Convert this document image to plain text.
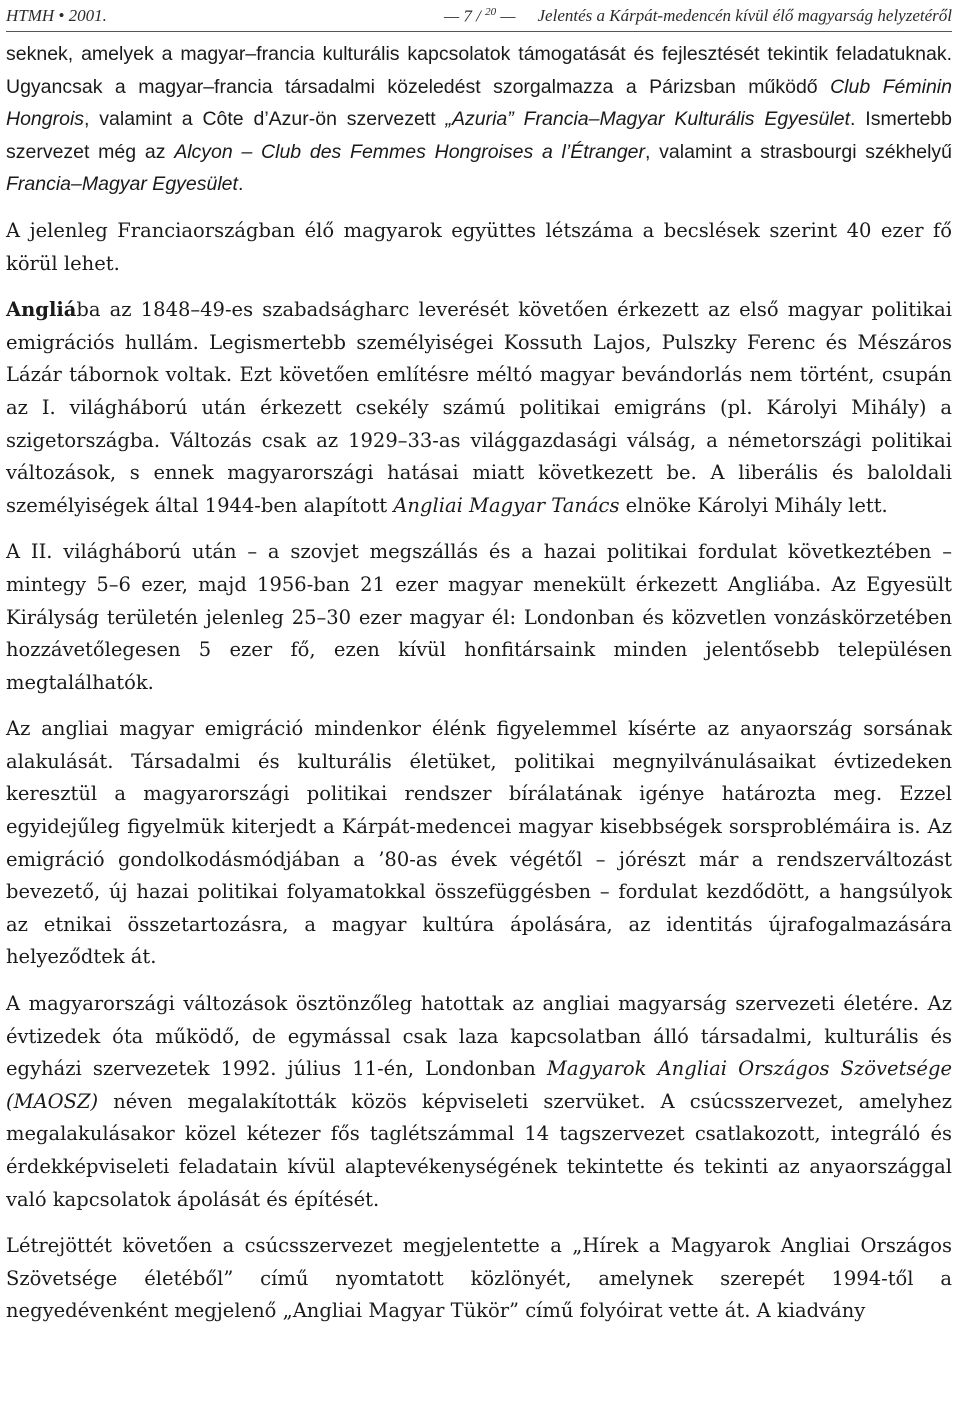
HTMH • 2001.	— 7 / $^{20}$ — Jelentés a Kárpát-medencén kívül élő magyarság helyzetéről

seknek, amelyek a magyar–francia kulturális kapcsolatok támogatását és fejlesztését tekintik feladatuknak. Ugyancsak a magyar–francia társadalmi közeledést szorgalmazza a Párizsban működő Club Féminin Hongrois, valamint a Côte d’Azur-ön szervezett „Azuria” Francia–Magyar Kulturális Egyesület. Ismertebb szervezet még az Alcyon – Club des Femmes Hongroises a l’Étranger, valamint a strasbourgi székhelyű Francia–Magyar Egyesület.

A jelenleg Franciaországban élő magyarok együttes létszáma a becslések szerint 40 ezer fő körül lehet.

Angliába az 1848–49-es szabadságharc leverését követően érkezett az első magyar politikai emigrációs hullám. Legismertebb személyiségei Kossuth Lajos, Pulszky Ferenc és Mészáros Lázár tábornok voltak. Ezt követően említésre méltó magyar bevándorlás nem történt, csupán az I. világháború után érkezett csekély számú politikai emigráns (pl. Károlyi Mihály) a szigetországba. Változás csak az 1929–33-as világgazdasági válság, a németországi politikai változások, s ennek magyarországi hatásai miatt következett be. A liberális és baloldali személyiségek által 1944-ben alapított Angliai Magyar Tanács elnöke Károlyi Mihály lett.

A II. világháború után – a szovjet megszállás és a hazai politikai fordulat következtében – mintegy 5–6 ezer, majd 1956-ban 21 ezer magyar menekült érkezett Angliába. Az Egyesült Királyság területén jelenleg 25–30 ezer magyar él: Londonban és közvetlen vonzáskörzetében hozzávetőlegesen 5 ezer fő, ezen kívül honfitársaink minden jelentősebb településen megtalálhatók.

Az angliai magyar emigráció mindenkor élénk figyelemmel kísérte az anyaország sorsának alakulását. Társadalmi és kulturális életüket, politikai megnyilvánulásaikat évtizedeken keresztül a magyarországi politikai rendszer bírálatának igénye határozta meg. Ezzel egyidejűleg figyelmük kiterjedt a Kárpát-medencei magyar kisebbségek sorsproblémáira is. Az emigráció gondolkodásmódjában a ’80-as évek végétől – jórészt már a rendszerváltozást bevezető, új hazai politikai folyamatokkal összefüggésben – fordulat kezdődött, a hangsúlyok az etnikai összetartozásra, a magyar kultúra ápolására, az identitás újrafogalmazására helyeződtek át.

A magyarországi változások ösztönzőleg hatottak az angliai magyarság szervezeti életére. Az évtizedek óta működő, de egymással csak laza kapcsolatban álló társadalmi, kulturális és egyházi szervezetek 1992. július 11-én, Londonban Magyarok Angliai Országos Szövetsége (MAOSZ) néven megalakították közös képviseleti szervüket. A csúcsszervezet, amelyhez megalakulásakor közel kétezer fős taglétszámmal 14 tagszervezet csatlakozott, integráló és érdekképviseleti feladatain kívül alaptevékenységének tekintette és tekinti az anyaországgal való kapcsolatok ápolását és építését.

Létrejöttét követően a csúcsszervezet megjelentette a „Hírek a Magyarok Angliai Országos Szövetsége életéből” című nyomtatott közlönyét, amelynek szerepét 1994-től a negyedévenként megjelenő „Angliai Magyar Tükör” című folyóirat vette át. A kiadvány
